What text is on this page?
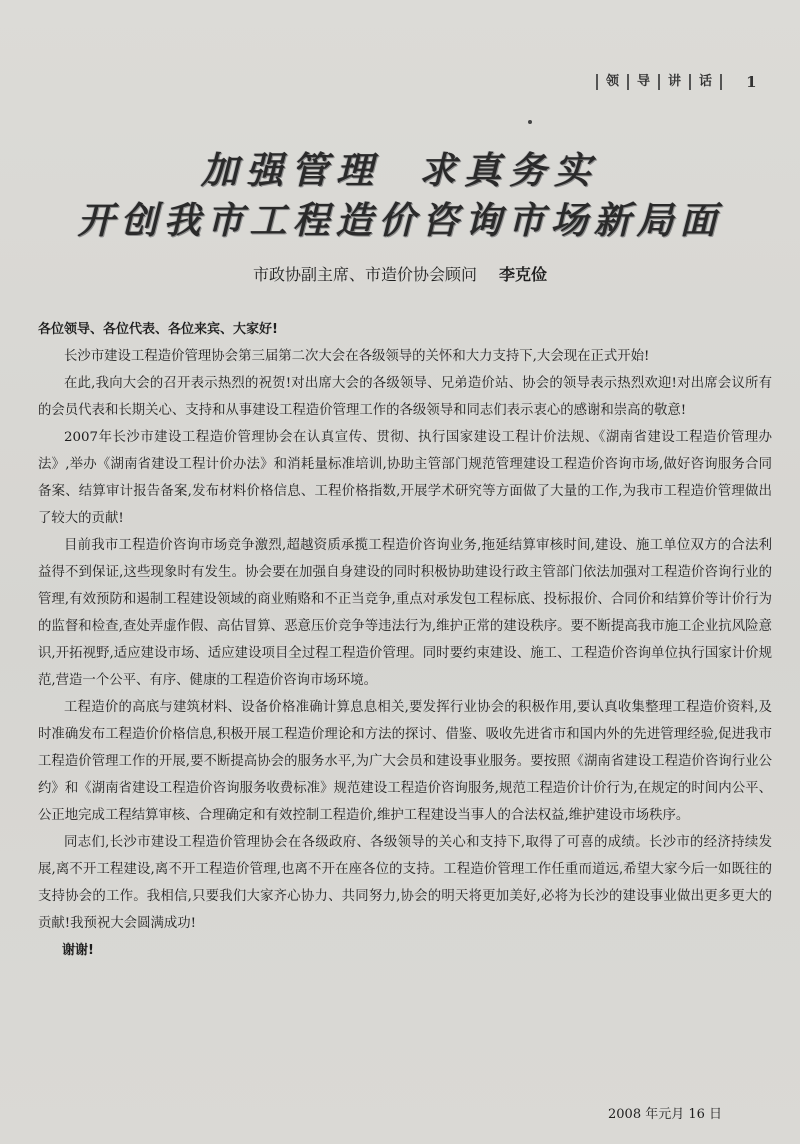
领	导	讲	话	1
加强管理 求真务实
开创我市工程造价咨询市场新局面
市政协副主席、市造价协会顾问 李克俭
各位领导、各位代表、各位来宾、大家好!

长沙市建设工程造价管理协会第三届第二次大会在各级领导的关怀和大力支持下,大会现在正式开始!

在此,我向大会的召开表示热烈的祝贺!对出席大会的各级领导、兄弟造价站、协会的领导表示热烈欢迎!对出席会议所有的会员代表和长期关心、支持和从事建设工程造价管理工作的各级领导和同志们表示衷心的感谢和崇高的敬意!

2007年长沙市建设工程造价管理协会在认真宣传、贯彻、执行国家建设工程计价法规、《湖南省建设工程造价管理办法》,举办《湖南省建设工程计价办法》和消耗量标准培训,协助主管部门规范管理建设工程造价咨询市场,做好咨询服务合同备案、结算审计报告备案,发布材料价格信息、工程价格指数,开展学术研究等方面做了大量的工作,为我市工程造价管理做出了较大的贡献!

目前我市工程造价咨询市场竞争激烈,超越资质承揽工程造价咨询业务,拖延结算审核时间,建设、施工单位双方的合法利益得不到保证,这些现象时有发生。协会要在加强自身建设的同时积极协助建设行政主管部门依法加强对工程造价咨询行业的管理,有效预防和遏制工程建设领域的商业贿赂和不正当竞争,重点对承发包工程标底、投标报价、合同价和结算价等计价行为的监督和检查,查处弄虚作假、高估冒算、恶意压价竞争等违法行为,维护正常的建设秩序。要不断提高我市施工企业抗风险意识,开拓视野,适应建设市场、适应建设项目全过程工程造价管理。同时要约束建设、施工、工程造价咨询单位执行国家计价规范,营造一个公平、有序、健康的工程造价咨询市场环境。

工程造价的高底与建筑材料、设备价格准确计算息息相关,要发挥行业协会的积极作用,要认真收集整理工程造价资料,及时准确发布工程造价价格信息,积极开展工程造价理论和方法的探讨、借鉴、吸收先进省市和国内外的先进管理经验,促进我市工程造价管理工作的开展,要不断提高协会的服务水平,为广大会员和建设事业服务。要按照《湖南省建设工程造价咨询行业公约》和《湖南省建设工程造价咨询服务收费标准》规范建设工程造价咨询服务,规范工程造价计价行为,在规定的时间内公平、公正地完成工程结算审核、合理确定和有效控制工程造价,维护工程建设当事人的合法权益,维护建设市场秩序。

同志们,长沙市建设工程造价管理协会在各级政府、各级领导的关心和支持下,取得了可喜的成绩。长沙市的经济持续发展,离不开工程建设,离不开工程造价管理,也离不开在座各位的支持。工程造价管理工作任重而道远,希望大家今后一如既往的支持协会的工作。我相信,只要我们大家齐心协力、共同努力,协会的明天将更加美好,必将为长沙的建设事业做出更多更大的贡献!我预祝大会圆满成功!

谢谢!
2008 年元月 16 日
